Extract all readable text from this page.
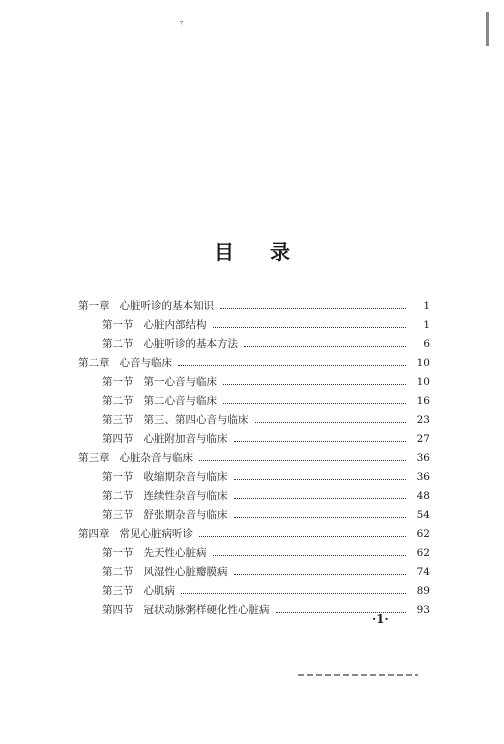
⁷
目 录
第一章 心脏听诊的基本知识	1
第一节 心脏内部结构	1
第二节 心脏听诊的基本方法	6
第二章 心音与临床	10
第一节 第一心音与临床	10
第二节 第二心音与临床	16
第三节 第三、第四心音与临床	23
第四节 心脏附加音与临床	27
第三章 心脏杂音与临床	36
第一节 收缩期杂音与临床	36
第二节 连续性杂音与临床	48
第三节 舒张期杂音与临床	54
第四章 常见心脏病听诊	62
第一节 先天性心脏病	62
第二节 风湿性心脏瓣膜病	74
第三节 心肌病	89
第四节 冠状动脉粥样硬化性心脏病	93
·1·
